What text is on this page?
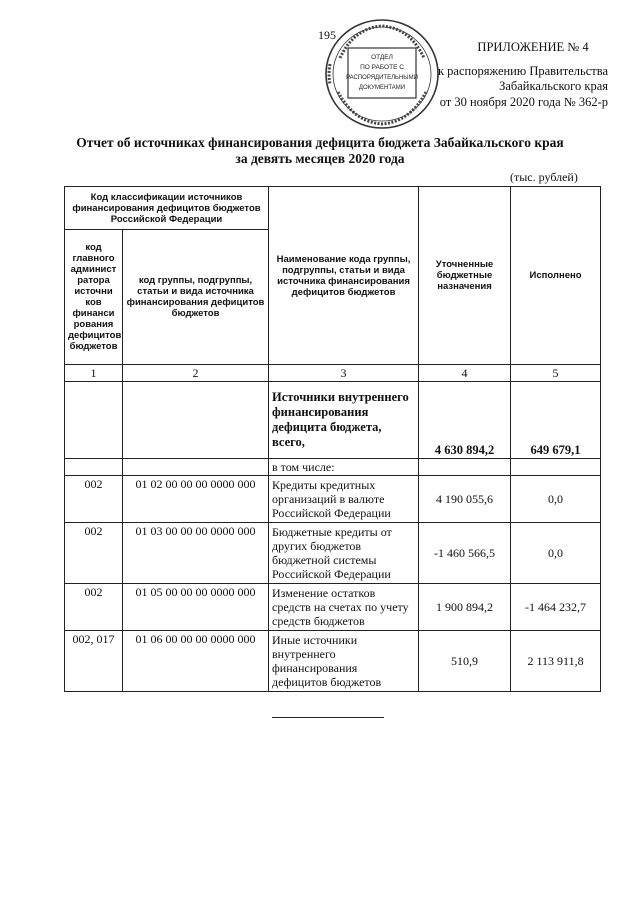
195
ОТДЕЛ
ПО РАБОТЕ С
РАСПОРЯДИТЕЛЬНЫМИ
ДОКУМЕНТАМИ
ПРИЛОЖЕНИЕ № 4
к распоряжению Правительства
Забайкальского края
от 30 ноября 2020 года № 362-р
Отчет об источниках финансирования дефицита бюджета Забайкальского края
за девять месяцев 2020 года
(тыс. рублей)
Код классификации источников финансирования дефицитов бюджетов Российской Федерации		Наименование кода группы, подгруппы, статьи и вида источника финансирования дефицитов бюджетов	Уточненные бюджетные назначения	Исполнено
код главного админист ратора источни ков финанси рования дефицитов бюджетов	код группы, подгруппы, статьи и вида источника финансирования дефицитов бюджетов			
1	2	3	4	5
		Источники внутреннего финансирования дефицита бюджета, всего,	4 630 894,2	649 679,1
		в том числе:		
002	01 02 00 00 00 0000 000	Кредиты кредитных организаций в валюте Российской Федерации	4 190 055,6	0,0
002	01 03 00 00 00 0000 000	Бюджетные кредиты от других бюджетов бюджетной системы Российской Федерации	-1 460 566,5	0,0
002	01 05 00 00 00 0000 000	Изменение остатков средств на счетах по учету средств бюджетов	1 900 894,2	-1 464 232,7
002, 017	01 06 00 00 00 0000 000	Иные источники внутреннего финансирования дефицитов бюджетов	510,9	2 113 911,8
